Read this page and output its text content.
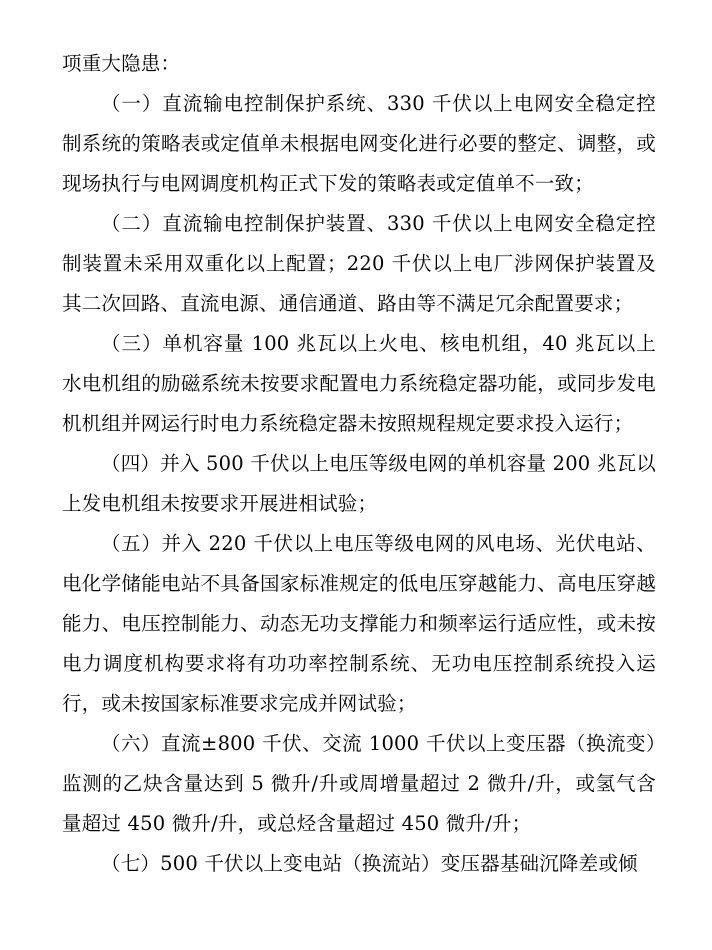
项重大隐患：

（一）直流输电控制保护系统、330 千伏以上电网安全稳定控制系统的策略表或定值单未根据电网变化进行必要的整定、调整，或现场执行与电网调度机构正式下发的策略表或定值单不一致；

（二）直流输电控制保护装置、330 千伏以上电网安全稳定控制装置未采用双重化以上配置；220 千伏以上电厂涉网保护装置及其二次回路、直流电源、通信通道、路由等不满足冗余配置要求；

（三）单机容量 100 兆瓦以上火电、核电机组，40 兆瓦以上水电机组的励磁系统未按要求配置电力系统稳定器功能，或同步发电机机组并网运行时电力系统稳定器未按照规程规定要求投入运行；

（四）并入 500 千伏以上电压等级电网的单机容量 200 兆瓦以上发电机组未按要求开展进相试验；

（五）并入 220 千伏以上电压等级电网的风电场、光伏电站、电化学储能电站不具备国家标准规定的低电压穿越能力、高电压穿越能力、电压控制能力、动态无功支撑能力和频率运行适应性，或未按电力调度机构要求将有功功率控制系统、无功电压控制系统投入运行，或未按国家标准要求完成并网试验；

（六）直流±800 千伏、交流 1000 千伏以上变压器（换流变）监测的乙炔含量达到 5 微升/升或周增量超过 2 微升/升，或氢气含量超过 450 微升/升，或总烃含量超过 450 微升/升；

（七）500 千伏以上变电站（换流站）变压器基础沉降差或倾
